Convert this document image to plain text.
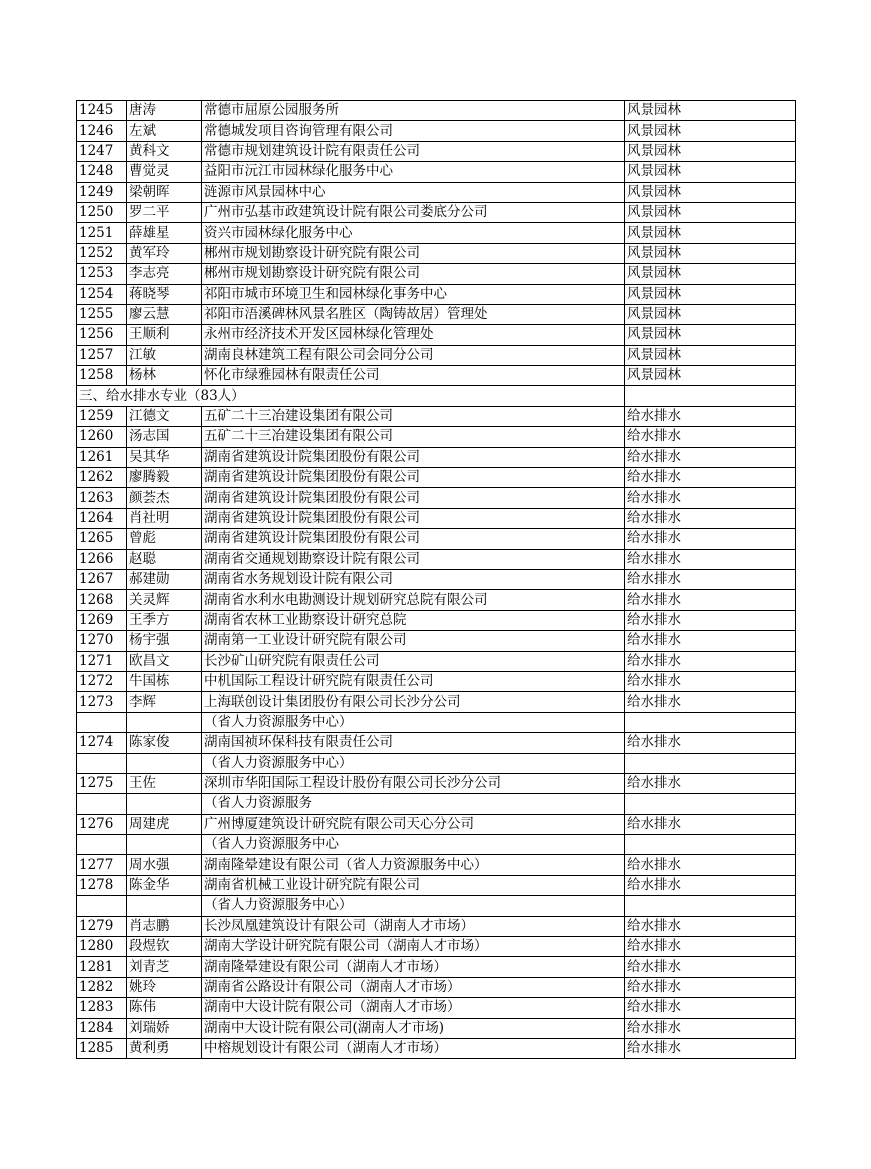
1245	唐涛	常德市屈原公园服务所	风景园林
1246	左斌	常德城发项目咨询管理有限公司	风景园林
1247	黄科文	常德市规划建筑设计院有限责任公司	风景园林
1248	曹觉灵	益阳市沅江市园林绿化服务中心	风景园林
1249	梁朝晖	涟源市风景园林中心	风景园林
1250	罗二平	广州市弘基市政建筑设计院有限公司娄底分公司	风景园林
1251	薛雄星	资兴市园林绿化服务中心	风景园林
1252	黄军玲	郴州市规划勘察设计研究院有限公司	风景园林
1253	李志亮	郴州市规划勘察设计研究院有限公司	风景园林
1254	蒋晓琴	祁阳市城市环境卫生和园林绿化事务中心	风景园林
1255	廖云慧	祁阳市浯溪碑林风景名胜区（陶铸故居）管理处	风景园林
1256	王顺利	永州市经济技术开发区园林绿化管理处	风景园林
1257	江敏	湖南良林建筑工程有限公司会同分公司	风景园林
1258	杨林	怀化市绿雅园林有限责任公司	风景园林
三、给水排水专业（83人）			
1259	江德文	五矿二十三冶建设集团有限公司	给水排水
1260	汤志国	五矿二十三冶建设集团有限公司	给水排水
1261	吴其华	湖南省建筑设计院集团股份有限公司	给水排水
1262	廖腾毅	湖南省建筑设计院集团股份有限公司	给水排水
1263	颜荟杰	湖南省建筑设计院集团股份有限公司	给水排水
1264	肖社明	湖南省建筑设计院集团股份有限公司	给水排水
1265	曾彪	湖南省建筑设计院集团股份有限公司	给水排水
1266	赵聪	湖南省交通规划勘察设计院有限公司	给水排水
1267	郝建勋	湖南省水务规划设计院有限公司	给水排水
1268	关灵辉	湖南省水利水电勘测设计规划研究总院有限公司	给水排水
1269	王季方	湖南省农林工业勘察设计研究总院	给水排水
1270	杨宇强	湖南第一工业设计研究院有限公司	给水排水
1271	欧昌文	长沙矿山研究院有限责任公司	给水排水
1272	牛国栋	中机国际工程设计研究院有限责任公司	给水排水
1273	李辉	上海联创设计集团股份有限公司长沙分公司	给水排水
		（省人力资源服务中心）	
1274	陈家俊	湖南国祯环保科技有限责任公司	给水排水
		（省人力资源服务中心）	
1275	王佐	深圳市华阳国际工程设计股份有限公司长沙分公司	给水排水
		（省人力资源服务	
1276	周建虎	广州博厦建筑设计研究院有限公司天心分公司	给水排水
		（省人力资源服务中心	
1277	周水强	湖南隆晕建设有限公司（省人力资源服务中心）	给水排水
1278	陈金华	湖南省机械工业设计研究院有限公司	给水排水
		（省人力资源服务中心）	
1279	肖志鹏	长沙凤凰建筑设计有限公司（湖南人才市场）	给水排水
1280	段煜钦	湖南大学设计研究院有限公司（湖南人才市场）	给水排水
1281	刘青芝	湖南隆晕建设有限公司（湖南人才市场）	给水排水
1282	姚玲	湖南省公路设计有限公司（湖南人才市场）	给水排水
1283	陈伟	湖南中大设计院有限公司（湖南人才市场）	给水排水
1284	刘瑞娇	湖南中大设计院有限公司(湖南人才市场)	给水排水
1285	黄利勇	中榕规划设计有限公司（湖南人才市场）	给水排水
